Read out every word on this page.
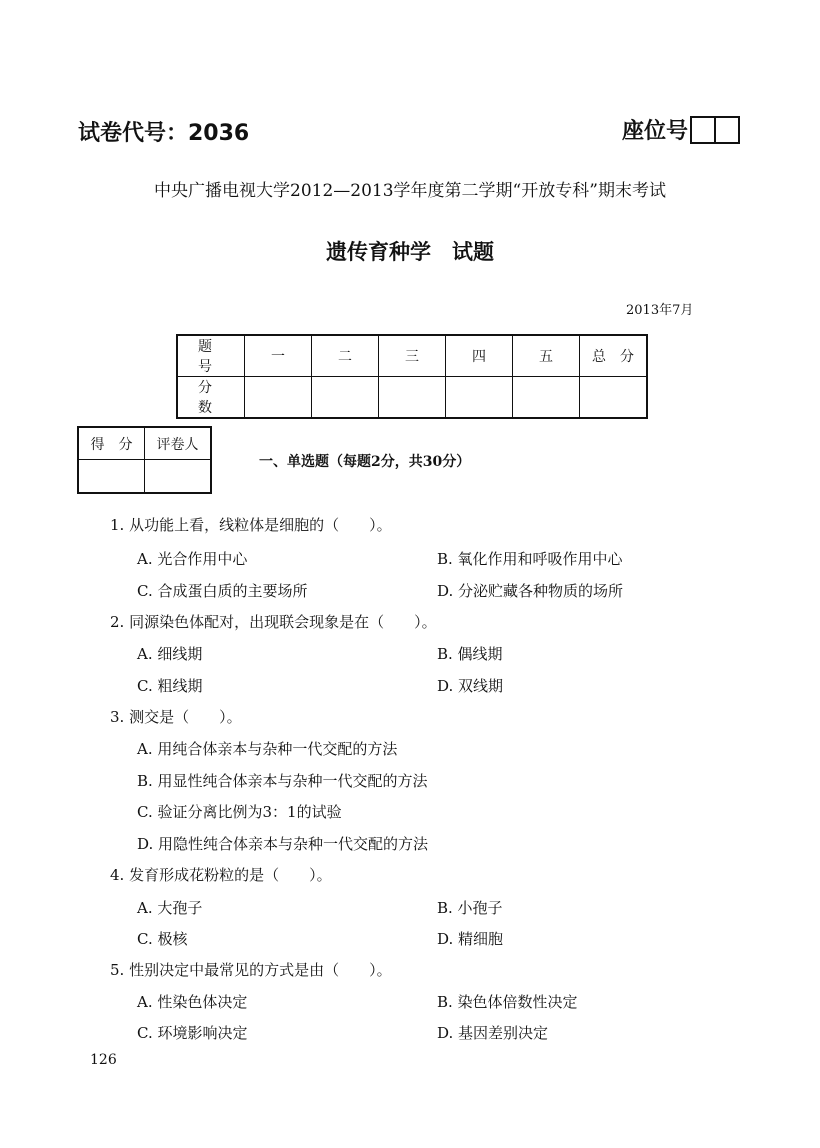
试卷代号：2036	座位号
中央广播电视大学2012—2013学年度第二学期“开放专科”期末考试
遗传育种学　试题
2013年7月
题　号	一	二	三	四	五	总　分
分　数						
得　分	评卷人

一、单选题（每题2分，共30分）
1. 从功能上看，线粒体是细胞的（　　）。
A. 光合作用中心	B. 氧化作用和呼吸作用中心
C. 合成蛋白质的主要场所	D. 分泌贮藏各种物质的场所
2. 同源染色体配对，出现联会现象是在（　　）。
A. 细线期	B. 偶线期
C. 粗线期	D. 双线期
3. 测交是（　　）。
A. 用纯合体亲本与杂种一代交配的方法
B. 用显性纯合体亲本与杂种一代交配的方法
C. 验证分离比例为3：1的试验
D. 用隐性纯合体亲本与杂种一代交配的方法
4. 发育形成花粉粒的是（　　）。
A. 大孢子	B. 小孢子
C. 极核	D. 精细胞
5. 性别决定中最常见的方式是由（　　）。
A. 性染色体决定	B. 染色体倍数性决定
C. 环境影响决定	D. 基因差别决定
126
